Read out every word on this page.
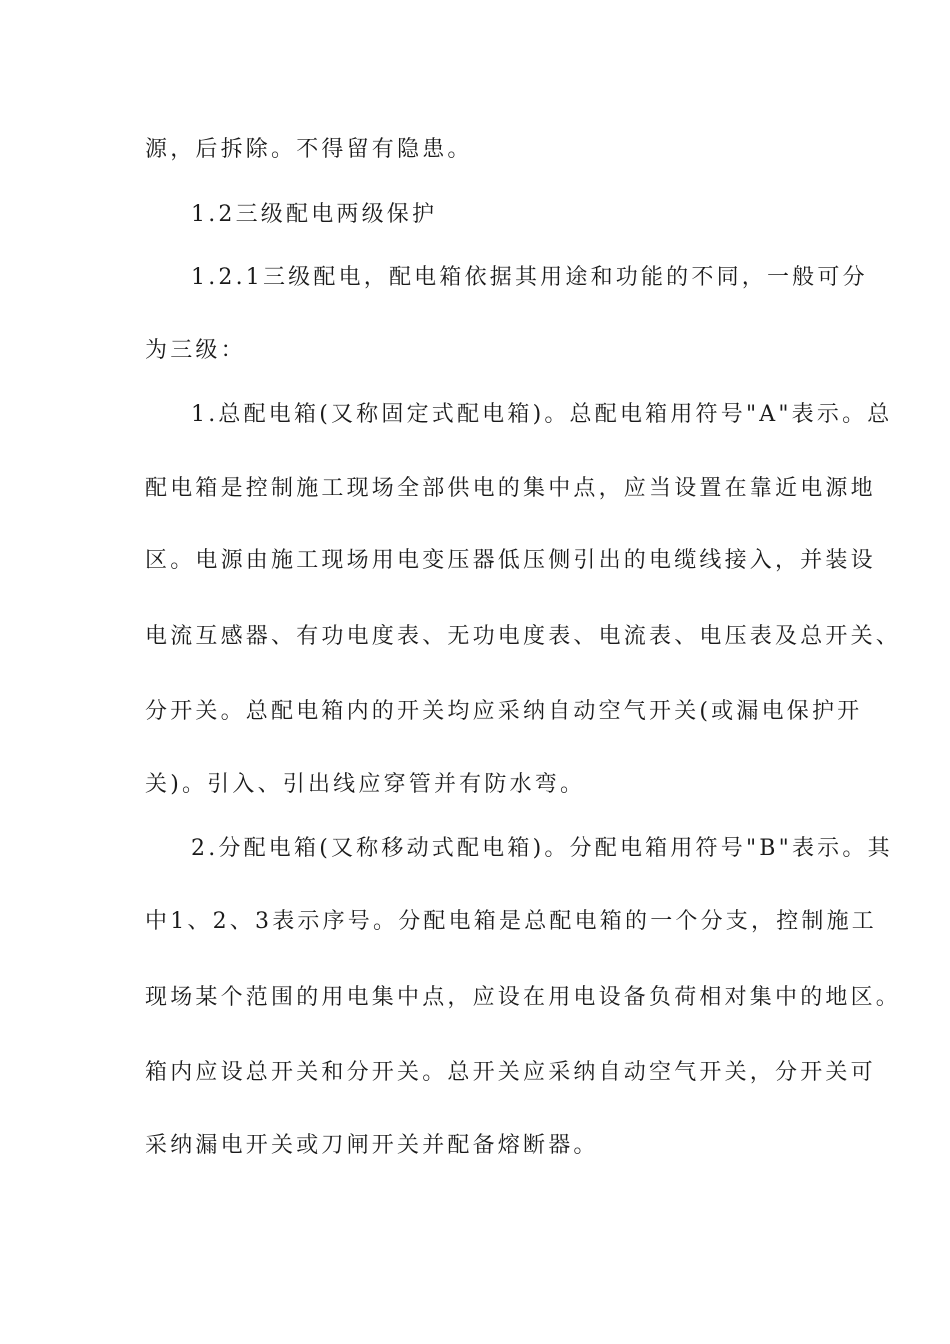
源，后拆除。不得留有隐患。
1.2三级配电两级保护
1.2.1三级配电，配电箱依据其用途和功能的不同，一般可分
为三级：
1.总配电箱(又称固定式配电箱)。总配电箱用符号"A"表示。总
配电箱是控制施工现场全部供电的集中点，应当设置在靠近电源地
区。电源由施工现场用电变压器低压侧引出的电缆线接入，并装设
电流互感器、有功电度表、无功电度表、电流表、电压表及总开关、
分开关。总配电箱内的开关均应采纳自动空气开关(或漏电保护开
关)。引入、引出线应穿管并有防水弯。
2.分配电箱(又称移动式配电箱)。分配电箱用符号"B"表示。其
中1、2、3表示序号。分配电箱是总配电箱的一个分支，控制施工
现场某个范围的用电集中点，应设在用电设备负荷相对集中的地区。
箱内应设总开关和分开关。总开关应采纳自动空气开关，分开关可
采纳漏电开关或刀闸开关并配备熔断器。
